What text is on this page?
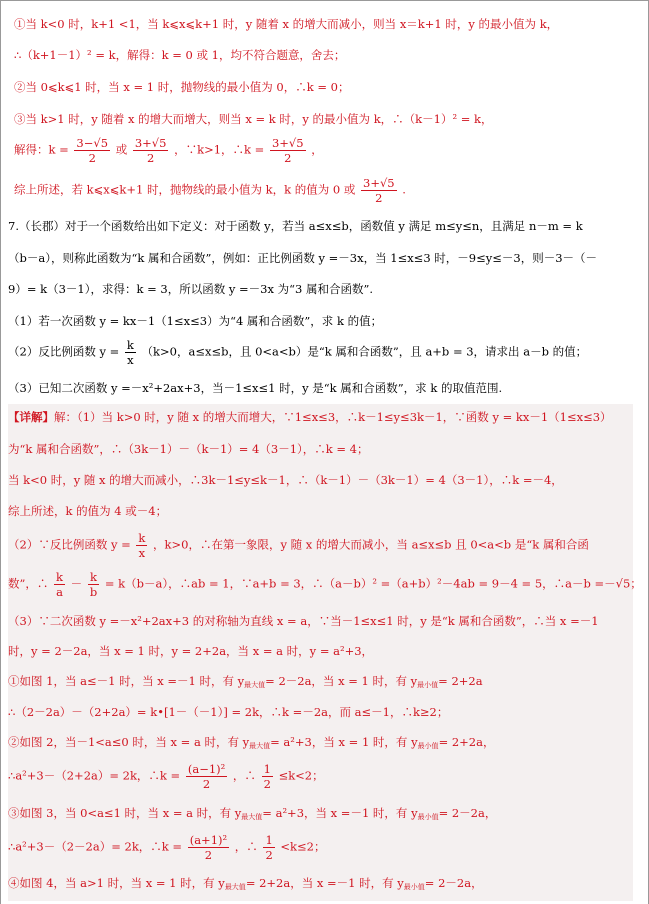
①当 k<0 时，k+1 <1，当 k⩽x⩽k+1 时，y 随着 x 的增大而减小，则当 x＝k+1 时，y 的最小值为 k，
∴（k+1－1）² = k，解得：k = 0 或 1，均不符合题意，舍去；
②当 0⩽k⩽1 时，当 x = 1 时，抛物线的最小值为 0，∴k = 0；
③当 k>1 时，y 随着 x 的增大而增大，则当 x = k 时，y 的最小值为 k，∴（k－1）² = k，
解得：$k = \frac{3-√5}{2}$ 或 $\frac{3+√5}{2}$ ，∵k>1，∴k = $\frac{3+√5}{2}$ ，
综上所述，若 k⩽x⩽k+1 时，抛物线的最小值为 k，k 的值为 0 或 $\frac{3+√5}{2}$ .
7.（长郡）对于一个函数给出如下定义：对于函数 y，若当 a≤x≤b，函数值 y 满足 m≤y≤n，且满足 n－m = k
（b－a），则称此函数为“k 属和合函数”，例如：正比例函数 y =－3x，当 1≤x≤3 时，－9≤y≤－3，则－3－（－
9）= k（3－1），求得：k = 3，所以函数 y =－3x 为“3 属和合函数”.
（1）若一次函数 y = kx－1（1≤x≤3）为“4 属和合函数”，求 k 的值；
（2）反比例函数 $y = \frac{k}{x} (k>0$，a≤x≤b，且 0<a<b）是“k 属和合函数”，且 a+b = 3，请求出 a－b 的值；
（3）已知二次函数 y =－x²+2ax+3，当－1≤x≤1 时，y 是“k 属和合函数”，求 k 的取值范围.
【详解】解：（1）当 k>0 时，y 随 x 的增大而增大，∵1≤x≤3，∴k－1≤y≤3k－1，∵函数 y = kx－1（1≤x≤3）
为“k 属和合函数”，∴（3k－1）－（k－1）= 4（3－1），∴k = 4；
当 k<0 时，y 随 x 的增大而减小，∴3k－1≤y≤k－1，∴（k－1）－（3k－1）= 4（3－1），∴k =－4，
综上所述，k 的值为 4 或－4；
（2）∵反比例函数 $y = \frac{k}{x}$ ，k>0，∴在第一象限，y 随 x 的增大而减小，当 a≤x≤b 且 0<a<b 是“k 属和合函
数”，∴ $\frac{k}{a} - \frac{k}{b} = k(b-a)$，∴ab = 1，∵a+b = 3，∴（a－b）² =（a+b）²－4ab = 9－4 = 5，∴a－b =－√5；
（3）∵二次函数 y =－x²+2ax+3 的对称轴为直线 x = a，∵当－1≤x≤1 时，y 是“k 属和合函数”，∴当 x =－1
时，y = 2－2a，当 x = 1 时，y = 2+2a，当 x = a 时，y = a²+3，
①如图 1，当 a≤－1 时，当 x =－1 时，有 $y_{最大值}= 2-2a$，当 x = 1 时，有 $y_{最小值}= 2+2a$
∴（2－2a）－（2+2a）= k•[1－（－1）] = 2k，∴k =－2a，而 a≤－1，∴k≥2；
②如图 2，当－1<a≤0 时，当 x = a 时，有 $y_{最大值}= a^2+3$，当 x = 1 时，有 $y_{最小值}= 2+2a$，
∴a²+3－（2+2a）= 2k，∴k = $\frac{\text{(a−1)²}}{2}$ ，∴ $\frac{1}{2} \le k<2$；
③如图 3，当 0<a≤1 时，当 x = a 时，有 $y_{最大值}= a^2+3$，当 x =－1 时，有 $y_{最小值}= 2-2a$，
∴a²+3－（2－2a）= 2k，∴k = $\frac{\text{(a+1)²}}{2}$ ，∴ $\frac{1}{2} <k\le 2$；
④如图 4，当 a>1 时，当 x = 1 时，有 $y_{最大值}= 2+2a$，当 x =－1 时，有 $y_{最小值}= 2-2a$，
